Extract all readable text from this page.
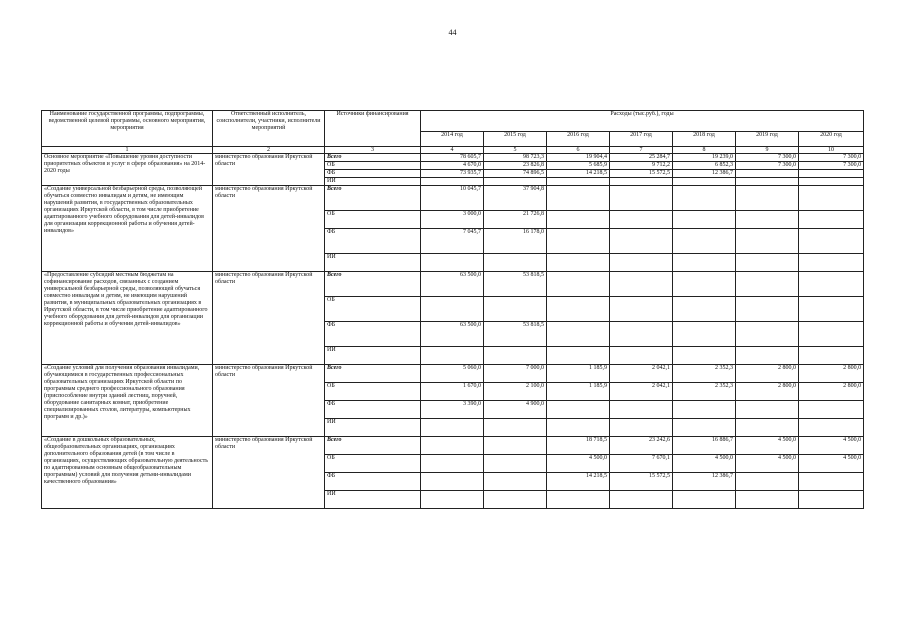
44
Наименование государственной программы, подпрограммы, ведомственной целевой программы, основного мероприятия, мероприятия	Ответственный исполнитель, соисполнители, участники, исполнители мероприятий	Источники финансирования	Расходы (тыс.руб.), годы						
			2014 год	2015 год	2016 год	2017 год	2018 год	2019 год	2020 год
1	2	3	4	5	6	7	8	9	10
Основное мероприятие «Повышение уровня доступности приоритетных объектов и услуг в сфере образования» на 2014-2020 годы	министерство образования Иркутской области	Всего	78 605,7	98 723,3	19 904,4	25 284,7	19 239,0	7 300,0	7 300,0
		ОБ	4 670,0	23 826,8	5 685,9	9 712,2	6 852,3	7 300,0	7 300,0
		ФБ	73 935,7	74 896,5	14 218,5	15 572,5	12 386,7		
		ИИ							
«Создание универсальной безбарьерной среды, позволяющей обучаться совместно инвалидам и детям, не имеющим нарушений развития, в государственных образовательных организациях Иркутской области, в том числе приобретение адаптированного учебного оборудования для детей-инвалидов для организации коррекционной работы и обучения детей-инвалидов»	министерство образования Иркутской области	Всего	10 045,7	37 904,8					
		ОБ	3 000,0	21 726,8					
		ФБ	7 045,7	16 178,0					
		ИИ							
«Предоставление субсидий местным бюджетам на софинансирование расходов, связанных с созданием универсальной безбарьерной среды, позволяющей обучаться совместно инвалидам и детям, не имеющим нарушений развития, в муниципальных образовательных организациях в Иркутской области, в том числе приобретение адаптированного учебного оборудования для детей-инвалидов для организации коррекционной работы и обучения детей-инвалидов»	министерство образования Иркутской области	Всего	63 500,0	53 818,5					
		ОБ							
		ФБ	63 500,0	53 818,5					
		ИИ							
«Создание условий для получения образования инвалидами, обучающимися в государственных профессиональных образовательных организациях Иркутской области по программам среднего профессионального образования (приспособление внутри зданий лестниц, поручней, оборудование санитарных комнат, приобретение специализированных столов, литературы, компьютерных программ и др.)»	министерство образования Иркутской области	Всего	5 060,0	7 000,0	1 185,9	2 042,1	2 352,3	2 800,0	2 800,0
		ОБ	1 670,0	2 100,0	1 185,9	2 042,1	2 352,3	2 800,0	2 800,0
		ФБ	3 390,0	4 900,0					
		ИИ							
«Создание в дошкольных образовательных, общеобразовательных организациях, организациях дополнительного образования детей (в том числе в организациях, осуществляющих образовательную деятельность по адаптированным основным общеобразовательным программам) условий для получения детьми-инвалидами качественного образования»	министерство образования Иркутской области	Всего			18 718,5	23 242,6	16 886,7	4 500,0	4 500,0
		ОБ			4 500,0	7 670,1	4 500,0	4 500,0	4 500,0
		ФБ			14 218,5	15 572,5	12 386,7		
		ИИ							
